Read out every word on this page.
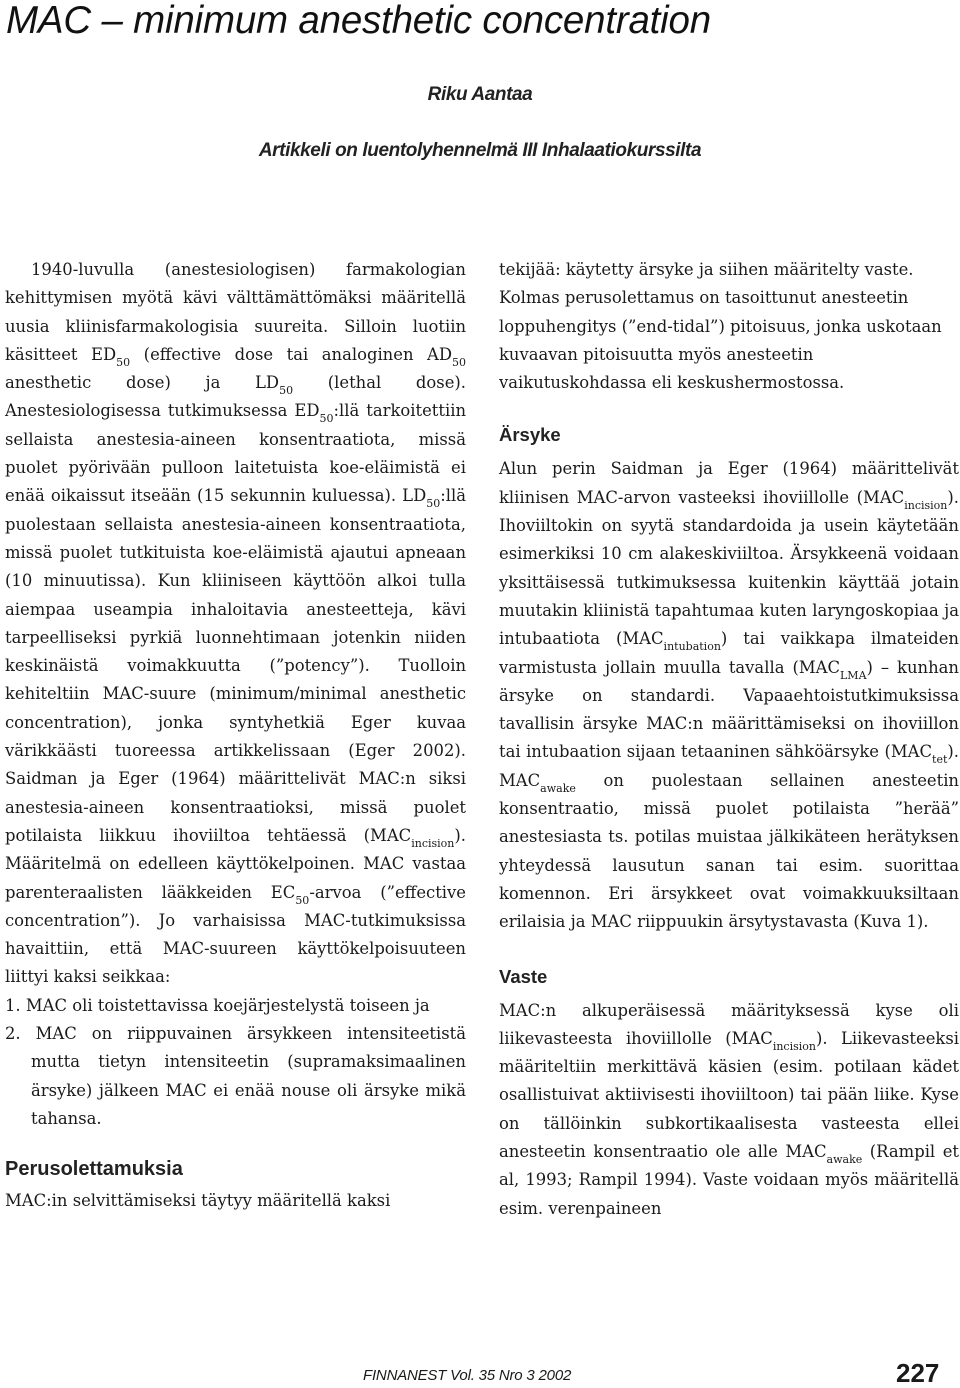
MAC – minimum anesthetic concentration

Riku Aantaa

Artikkeli on luentolyhennelmä III Inhalaatiokurssilta

1940-luvulla (anestesiologisen) farmakologian kehittymisen myötä kävi välttämättömäksi määritellä uusia kliinisfarmakologisia suureita. Silloin luotiin käsitteet $ED_{50}$ (effective dose tai analoginen $AD_{50}$ anesthetic dose) ja $LD_{50}$ (lethal dose). Anestesiologisessa tutkimuksessa $ED_{50}:llä$ tarkoitettiin sellaista anestesia-aineen konsentraatiota, missä puolet pyörivään pulloon laitetuista koe-eläimistä ei enää oikaissut itseään (15 sekunnin kuluessa). $LD_{50}:llä$ puolestaan sellaista anestesia-aineen konsentraatiota, missä puolet tutkituista koe-eläimistä ajautui apneaan (10 minuutissa). Kun kliiniseen käyttöön alkoi tulla aiempaa useampia inhaloitavia anesteetteja, kävi tarpeelliseksi pyrkiä luonnehtimaan jotenkin niiden keskinäistä voimakkuutta (”potency”). Tuolloin kehiteltiin MAC-suure (minimum/minimal anesthetic concentration), jonka syntyhetkiä Eger kuvaa värikkäästi tuoreessa artikkelissaan (Eger 2002). Saidman ja Eger (1964) määrittelivät MAC:n siksi anestesia-aineen konsentraatioksi, missä puolet potilaista liikkuu ihoviiltoa tehtäessä $(MAC_{incision})$. Määritelmä on edelleen käyttökelpoinen. MAC vastaa parenteraalisten lääkkeiden $EC_{50}$-arvoa (”effective concentration”). Jo varhaisissa MAC-tutkimuksissa havaittiin, että MAC-suureen käyttökelpoisuuteen liittyi kaksi seikkaa:

1. MAC oli toistettavissa koejärjestelystä toiseen ja
2. MAC on riippuvainen ärsykkeen intensiteetistä mutta tietyn intensiteetin (supramaksimaalinen ärsyke) jälkeen MAC ei enää nouse oli ärsyke mikä tahansa.
Perusolettamuksia

MAC:in selvittämiseksi täytyy määritellä kaksi

tekijää: käytetty ärsyke ja siihen määritelty vaste. Kolmas perusolettamus on tasoittunut anesteetin loppuhengitys (”end-tidal”) pitoisuus, jonka uskotaan kuvaavan pitoisuutta myös anesteetin vaikutuskohdassa eli keskushermostossa.

Ärsyke

Alun perin Saidman ja Eger (1964) määrittelivät kliinisen MAC-arvon vasteeksi ihoviillolle $(MAC_{incision})$. Ihoviiltokin on syytä standardoida ja usein käytetään esimerkiksi 10 cm alakeskiviiltoa. Ärsykkeenä voidaan yksittäisessä tutkimuksessa kuitenkin käyttää jotain muutakin kliinistä tapahtumaa kuten laryngoskopiaa ja intubaatiota $(MAC_{intubation})$ tai vaikkapa ilmateiden varmistusta jollain muulla tavalla $(MAC_{LMA})$ – kunhan ärsyke on standardi. Vapaaehtoistutkimuksissa tavallisin ärsyke MAC:n määrittämiseksi on ihoviillon tai intubaation sijaan tetaaninen sähköärsyke $(MAC_{tet})$. $MAC_{awake}$ on puolestaan sellainen anesteetin konsentraatio, missä puolet potilaista ”herää” anestesiasta ts. potilas muistaa jälkikäteen herätyksen yhteydessä lausutun sanan tai esim. suorittaa komennon. Eri ärsykkeet ovat voimakkuuksiltaan erilaisia ja MAC riippuukin ärsytystavasta (Kuva 1).

Vaste

MAC:n alkuperäisessä määrityksessä kyse oli liikevasteesta ihoviillolle $(MAC_{incision})$. Liikevasteeksi määriteltiin merkittävä käsien (esim. potilaan kädet osallistuivat aktiivisesti ihoviiltoon) tai pään liike. Kyse on tällöinkin subkortikaalisesta vasteesta ellei anesteetin konsentraatio ole alle $MAC_{awake}$ (Rampil et al, 1993; Rampil 1994). Vaste voidaan myös määritellä esim. verenpaineen

FINNANEST Vol. 35 Nro 3 2002	227
